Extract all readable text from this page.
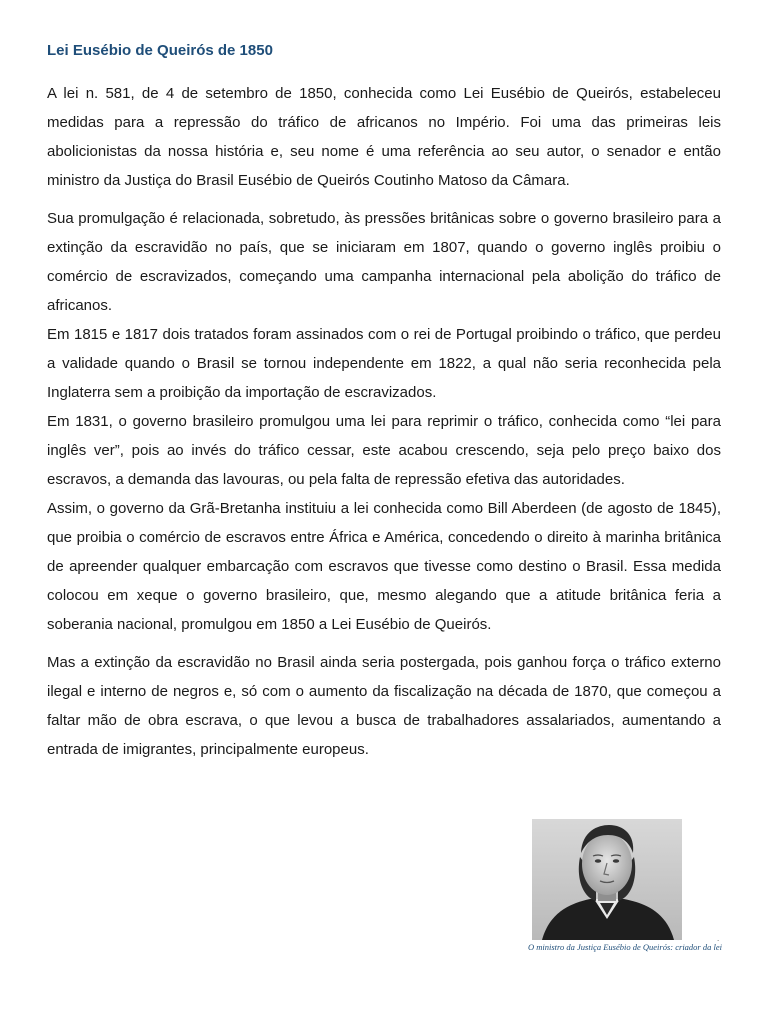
Lei Eusébio de Queirós de 1850

A lei n. 581, de 4 de setembro de 1850, conhecida como Lei Eusébio de Queirós, estabeleceu medidas para a repressão do tráfico de africanos no Império. Foi uma das primeiras leis abolicionistas da nossa história e, seu nome é uma referência ao seu autor, o senador e então ministro da Justiça do Brasil Eusébio de Queirós Coutinho Matoso da Câmara.

Sua promulgação é relacionada, sobretudo, às pressões britânicas sobre o governo brasileiro para a extinção da escravidão no país, que se iniciaram em 1807, quando o governo inglês proibiu o comércio de escravizados, começando uma campanha internacional pela abolição do tráfico de africanos.

Em 1815 e 1817 dois tratados foram assinados com o rei de Portugal proibindo o tráfico, que perdeu a validade quando o Brasil se tornou independente em 1822, a qual não seria reconhecida pela Inglaterra sem a proibição da importação de escravizados.

Em 1831, o governo brasileiro promulgou uma lei para reprimir o tráfico, conhecida como “lei para inglês ver”, pois ao invés do tráfico cessar, este acabou crescendo, seja pelo preço baixo dos escravos, a demanda das lavouras, ou pela falta de repressão efetiva das autoridades.

Assim, o governo da Grã-Bretanha instituiu a lei conhecida como Bill Aberdeen (de agosto de 1845), que proibia o comércio de escravos entre África e América, concedendo o direito à marinha britânica de apreender qualquer embarcação com escravos que tivesse como destino o Brasil. Essa medida colocou em xeque o governo brasileiro, que, mesmo alegando que a atitude britânica feria a soberania nacional, promulgou em 1850 a Lei Eusébio de Queirós.

Mas a extinção da escravidão no Brasil ainda seria postergada, pois ganhou força o tráfico externo ilegal e interno de negros e, só com o aumento da fiscalização na década de 1870, que começou a faltar mão de obra escrava, o que levou a busca de trabalhadores assalariados, aumentando a entrada de imigrantes, principalmente europeus.

.

O ministro da Justiça Eusébio de Queirós: criador da lei
